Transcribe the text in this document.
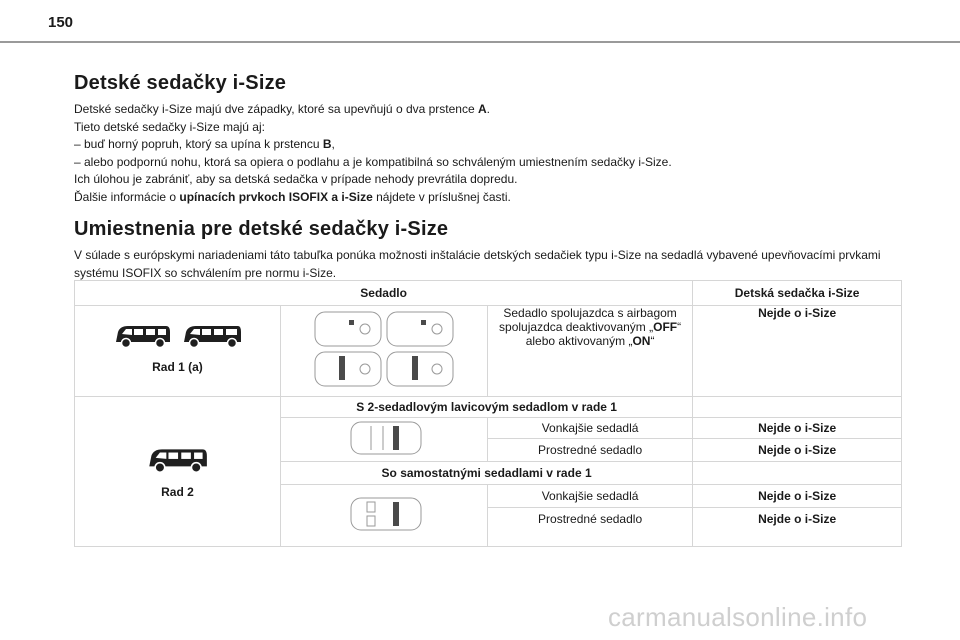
150
Detské sedačky i-Size

Detské sedačky i-Size majú dve západky, ktoré sa upevňujú o dva prstence A.

Tieto detské sedačky i-Size majú aj:

– buď horný popruh, ktorý sa upína k prstencu B,

– alebo podpornú nohu, ktorá sa opiera o podlahu a je kompatibilná so schváleným umiestnením sedačky i-Size.

Ich úlohou je zabrániť, aby sa detská sedačka v prípade nehody prevrátila dopredu.

Ďalšie informácie o upínacích prvkoch ISOFIX a i-Size nájdete v príslušnej časti.

Umiestnenia pre detské sedačky i-Size

V súlade s európskymi nariadeniami táto tabuľka ponúka možnosti inštalácie detských sedačiek typu i-Size na sedadlá vybavené upevňovacími prvkami systému ISOFIX so schválením pre normu i-Size.

Sedadlo			Detská sedačka i-Size

Rad 1 (a)		Sedadlo spolujazdca s airbagom
spolujazdca deaktivovaným „OFF“
alebo aktivovaným „ON“	Nejde o i-Size

Rad 2	S 2-sedadlovým lavicovým sedadlom v rade 1		
	Vonkajšie sedadlá	Nejde o i-Size
		Prostredné sedadlo	Nejde o i-Size
	So samostatnými sedadlami v rade 1		
	Vonkajšie sedadlá	Nejde o i-Size
		Prostredné sedadlo	Nejde o i-Size
carmanualsonline.info
